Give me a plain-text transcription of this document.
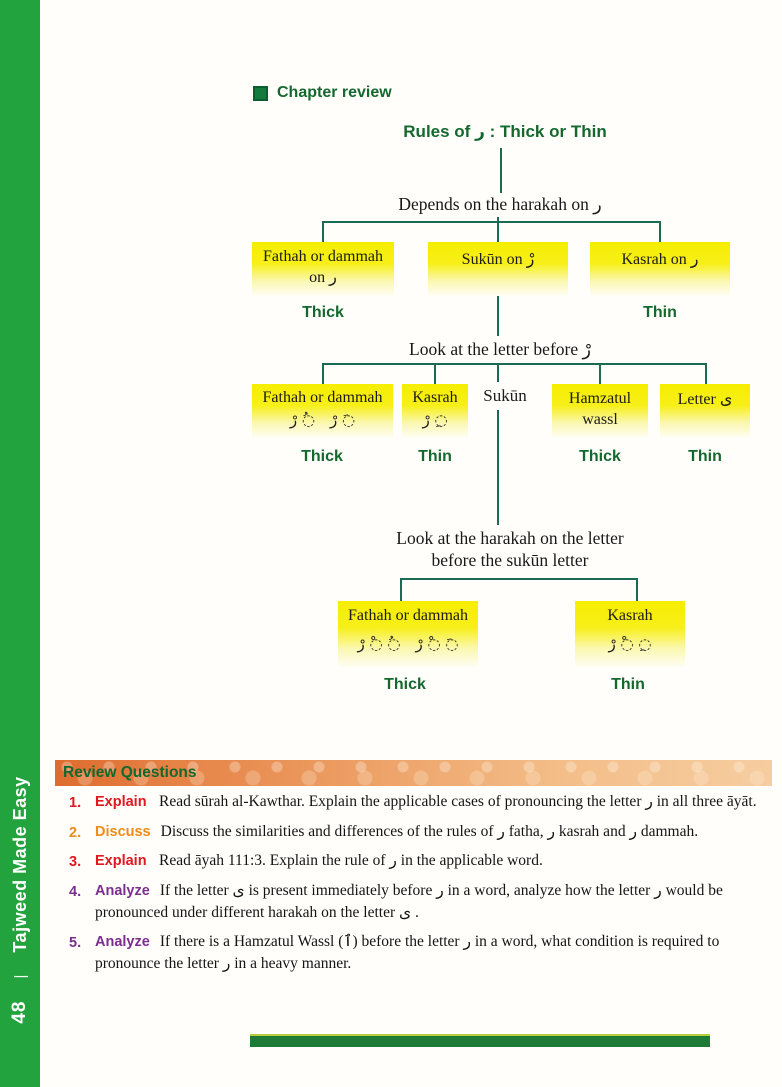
48
|
Tajweed Made Easy
Chapter review
Rules of ر : Thick or Thin
Depends on the harakah on ر
Fathah or dammah
on ر
Sukūn on رْ	Kasrah on ر
Thick	Thin
Look at the letter before رْ
Fathah or dammah
◌َ رْ ◌ُ رْ
Kasrah
◌ِ رْ
Sukūn	Hamzatul
wassl
Letter ى
Thick	Thin	Thick	Thin
Look at the harakah on the letter
before the sukūn letter
Fathah or dammah
◌َ ◌ْ رْ ◌ُ ◌ْ رْ
Kasrah
◌ِ ◌ْ رْ
Thick	Thin
Review Questions
1. Explain Read sūrah al-Kawthar. Explain the applicable cases of pronouncing the letter ر in all three āyāt.
2. Discuss Discuss the similarities and differences of the rules of ر fatha, ر kasrah and ر dammah.
3. Explain Read āyah 111:3. Explain the rule of ر in the applicable word.
4. Analyze If the letter ى is present immediately before ر in a word, analyze how the letter ر would be pronounced under different harakah on the letter ى .
5. Analyze If there is a Hamzatul Wassl (ٱ) before the letter ر in a word, what condition is required to pronounce the letter ر in a heavy manner.
